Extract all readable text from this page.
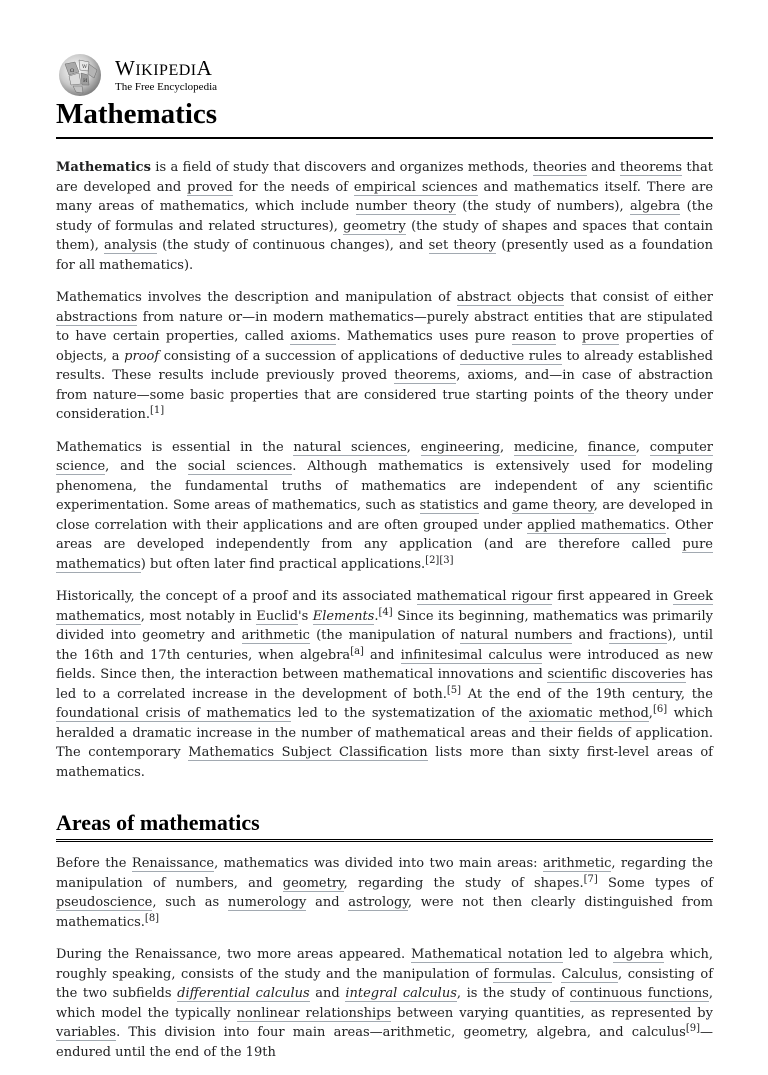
Ω
W
И
WIKIPEDIA
The Free Encyclopedia
Mathematics

Mathematics is a field of study that discovers and organizes methods, theories and theorems that are developed and proved for the needs of empirical sciences and mathematics itself. There are many areas of mathematics, which include number theory (the study of numbers), algebra (the study of formulas and related structures), geometry (the study of shapes and spaces that contain them), analysis (the study of continuous changes), and set theory (presently used as a foundation for all mathematics).

Mathematics involves the description and manipulation of abstract objects that consist of either abstractions from nature or—in modern mathematics—purely abstract entities that are stipulated to have certain properties, called axioms. Mathematics uses pure reason to prove properties of objects, a proof consisting of a succession of applications of deductive rules to already established results. These results include previously proved theorems, axioms, and—in case of abstraction from nature—some basic properties that are considered true starting points of the theory under consideration.[1]

Mathematics is essential in the natural sciences, engineering, medicine, finance, computer science, and the social sciences. Although mathematics is extensively used for modeling phenomena, the fundamental truths of mathematics are independent of any scientific experimentation. Some areas of mathematics, such as statistics and game theory, are developed in close correlation with their applications and are often grouped under applied mathematics. Other areas are developed independently from any application (and are therefore called pure mathematics) but often later find practical applications.[2][3]

Historically, the concept of a proof and its associated mathematical rigour first appeared in Greek mathematics, most notably in Euclid's Elements.[4] Since its beginning, mathematics was primarily divided into geometry and arithmetic (the manipulation of natural numbers and fractions), until the 16th and 17th centuries, when algebra[a] and infinitesimal calculus were introduced as new fields. Since then, the interaction between mathematical innovations and scientific discoveries has led to a correlated increase in the development of both.[5] At the end of the 19th century, the foundational crisis of mathematics led to the systematization of the axiomatic method,[6] which heralded a dramatic increase in the number of mathematical areas and their fields of application. The contemporary Mathematics Subject Classification lists more than sixty first-level areas of mathematics.

Areas of mathematics

Before the Renaissance, mathematics was divided into two main areas: arithmetic, regarding the manipulation of numbers, and geometry, regarding the study of shapes.[7] Some types of pseudoscience, such as numerology and astrology, were not then clearly distinguished from mathematics.[8]

During the Renaissance, two more areas appeared. Mathematical notation led to algebra which, roughly speaking, consists of the study and the manipulation of formulas. Calculus, consisting of the two subfields differential calculus and integral calculus, is the study of continuous functions, which model the typically nonlinear relationships between varying quantities, as represented by variables. This division into four main areas—arithmetic, geometry, algebra, and calculus[9]—endured until the end of the 19th
